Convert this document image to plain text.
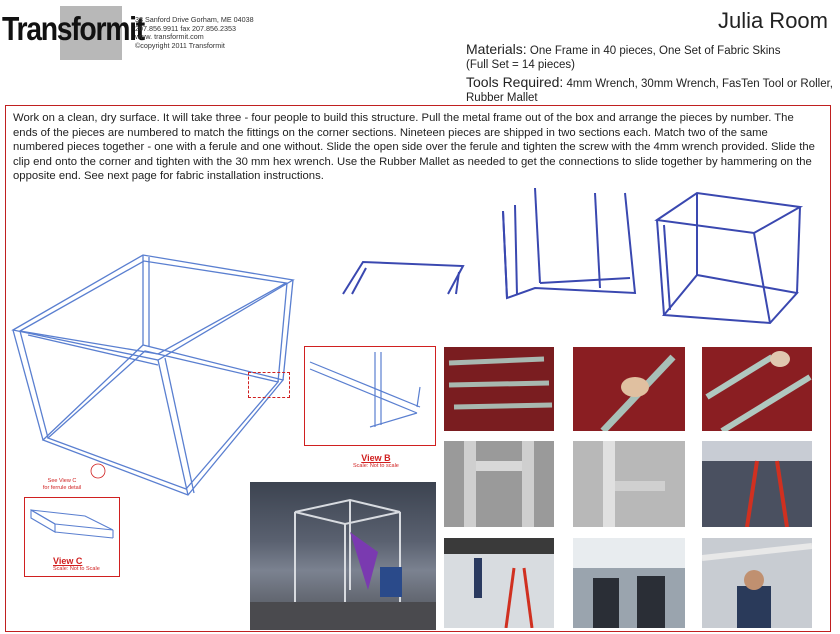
Transformit
33 Sanford Drive Gorham, ME 04038
207.856.9911 fax 207.856.2353
www. transformit.com
©copyright 2011 Transformit
Julia Room
Materials: One Frame in 40 pieces, One Set of Fabric Skins
(Full Set = 14 pieces)
Tools Required: 4mm Wrench, 30mm Wrench, FasTen Tool or Roller,
Rubber Mallet
Work on a clean, dry surface. It will take three - four people to build this structure. Pull the metal frame out of the box and arrange the pieces by number. The ends of the pieces are numbered to match the fittings on the corner sections. Nineteen pieces are shipped in two sections each. Match two of the same numbered pieces together - one with a ferule and one without. Slide the open side over the ferule and tighten the screw with the 4mm wrench provided. Slide the clip end onto the corner and tighten with the 30 mm hex wrench. Use the Rubber Mallet as needed to get the connections to slide together by hammering on the opposite end. See next page for fabric installation instructions.
See View C
for ferrule detail
View B
Scale: Not to scale
View C
Scale: Not to Scale
